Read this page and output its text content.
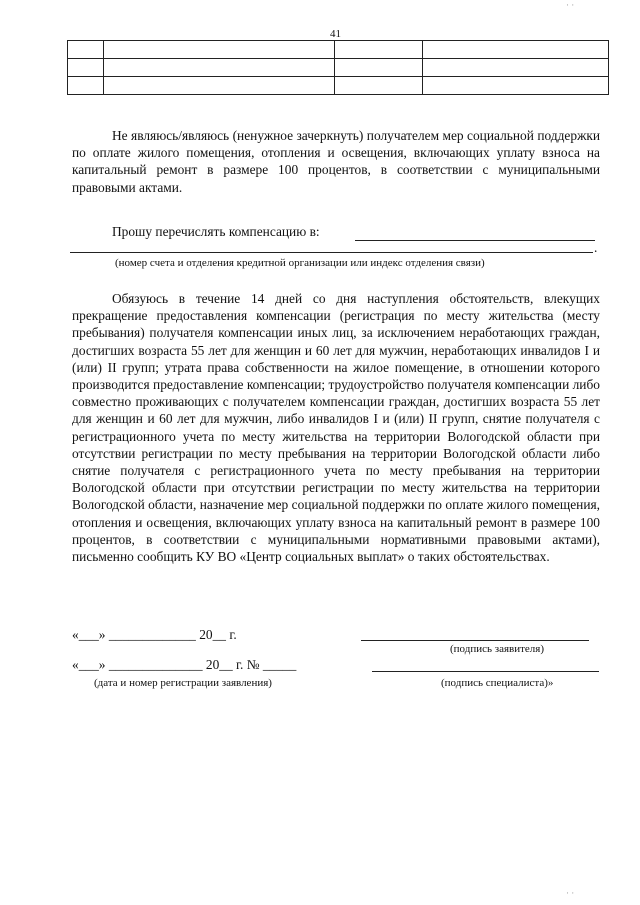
41

Не являюсь/являюсь (ненужное зачеркнуть) получателем мер социальной поддержки по оплате жилого помещения, отопления и освещения, включающих уплату взноса на капитальный ремонт в размере 100 процентов, в соответствии с муниципальными правовыми актами.

Прошу перечислять компенсацию в:
.
(номер счета и отделения кредитной организации или индекс отделения связи)

Обязуюсь в течение 14 дней со дня наступления обстоятельств, влекущих прекращение предоставления компенсации (регистрация по месту жительства (месту пребывания) получателя компенсации иных лиц, за исключением неработающих граждан, достигших возраста 55 лет для женщин и 60 лет для мужчин, неработающих инвалидов I и (или) II групп; утрата права собственности на жилое помещение, в отношении которого производится предоставление компенсации; трудоустройство получателя компенсации либо совместно проживающих с получателем компенсации граждан, достигших возраста 55 лет для женщин и 60 лет для мужчин, либо инвалидов I и (или) II групп, снятие получателя с регистрационного учета по месту жительства на территории Вологодской области при отсутствии регистрации по месту пребывания на территории Вологодской области либо снятие получателя с регистрационного учета по месту пребывания на территории Вологодской области при отсутствии регистрации по месту жительства на территории Вологодской области, назначение мер социальной поддержки по оплате жилого помещения, отопления и освещения, включающих уплату взноса на капитальный ремонт в размере 100 процентов, в соответствии с муниципальными нормативными правовыми актами), письменно сообщить КУ ВО «Центр социальных выплат» о таких обстоятельствах.

«___» _____________ 20__ г.
(подпись заявителя)
«___» ______________ 20__ г. № _____
(дата и номер регистрации заявления)	(подпись специалиста)»
· ·
· ·
